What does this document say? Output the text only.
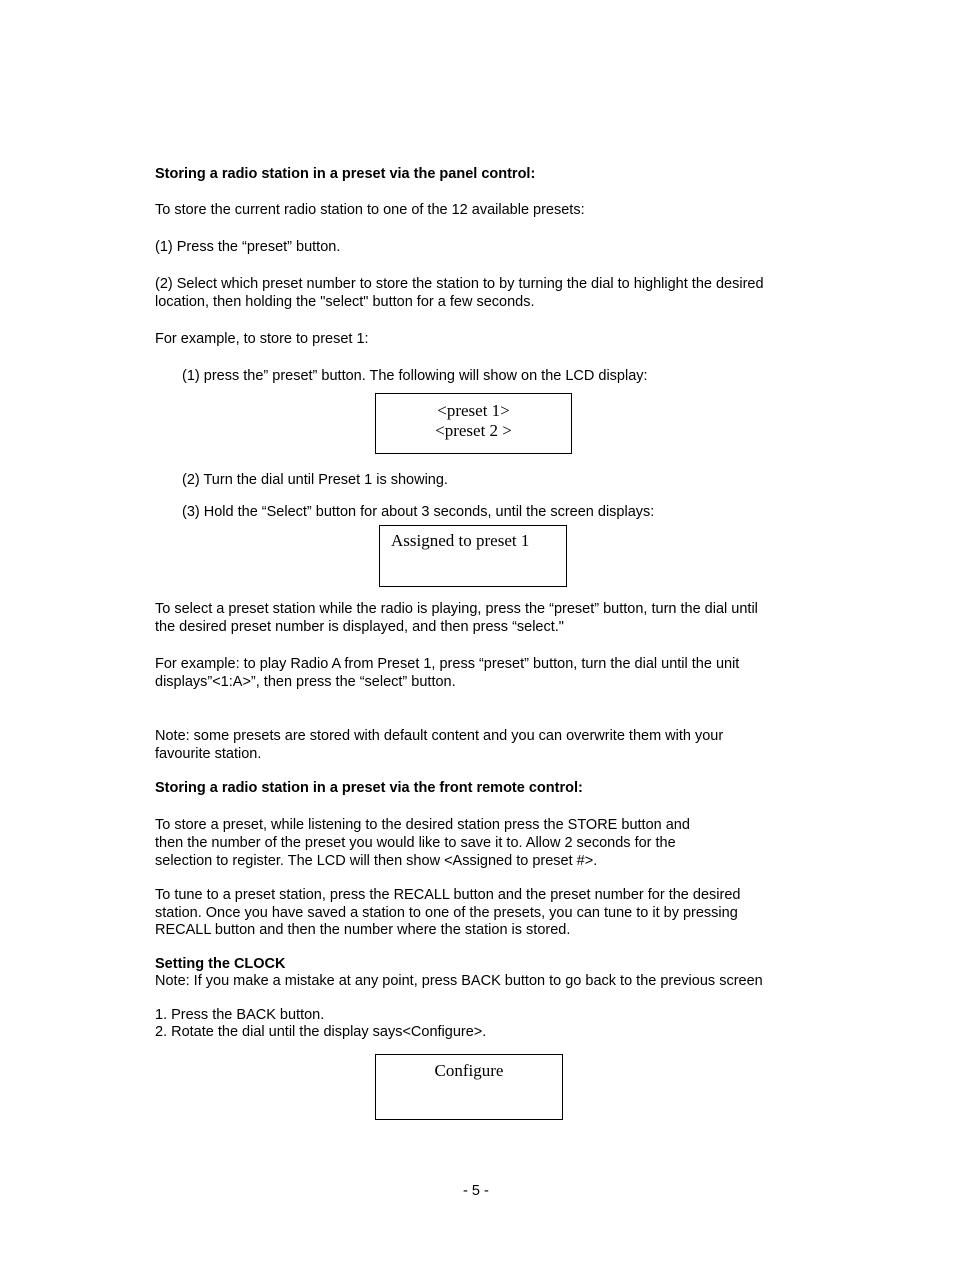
Storing a radio station in a preset via the panel control:

To store the current radio station to one of the 12 available presets:

(1) Press the “preset” button.

(2) Select which preset number to store the station to by turning the dial to highlight the desired

location, then holding the "select" button for a few seconds.

For example, to store to preset 1:

(1) press the” preset” button. The following will show on the LCD display:

<preset 1>
<preset 2 >

(2) Turn the dial until Preset 1 is showing.

(3) Hold the “Select” button for about 3 seconds, until the screen displays:

Assigned to preset 1

To select a preset station while the radio is playing, press the “preset” button, turn the dial until

the desired preset number is displayed, and then press “select."

For example: to play Radio A from Preset 1, press “preset” button, turn the dial until the unit

displays”<1:A>”, then press the “select” button.

Note: some presets are stored with default content and you can overwrite them with your

favourite station.

Storing a radio station in a preset via the front remote control:

To store a preset, while listening to the desired station press the STORE button and

then the number of the preset you would like to save it to. Allow 2 seconds for the

selection to register. The LCD will then show <Assigned to preset #>.

To tune to a preset station, press the RECALL button and the preset number for the desired

station. Once you have saved a station to one of the presets, you can tune to it by pressing

RECALL button and then the number where the station is stored.

Setting the CLOCK

Note: If you make a mistake at any point, press BACK button to go back to the previous screen

1. Press the BACK button.

2. Rotate the dial until the display says<Configure>.

Configure

- 5 -
